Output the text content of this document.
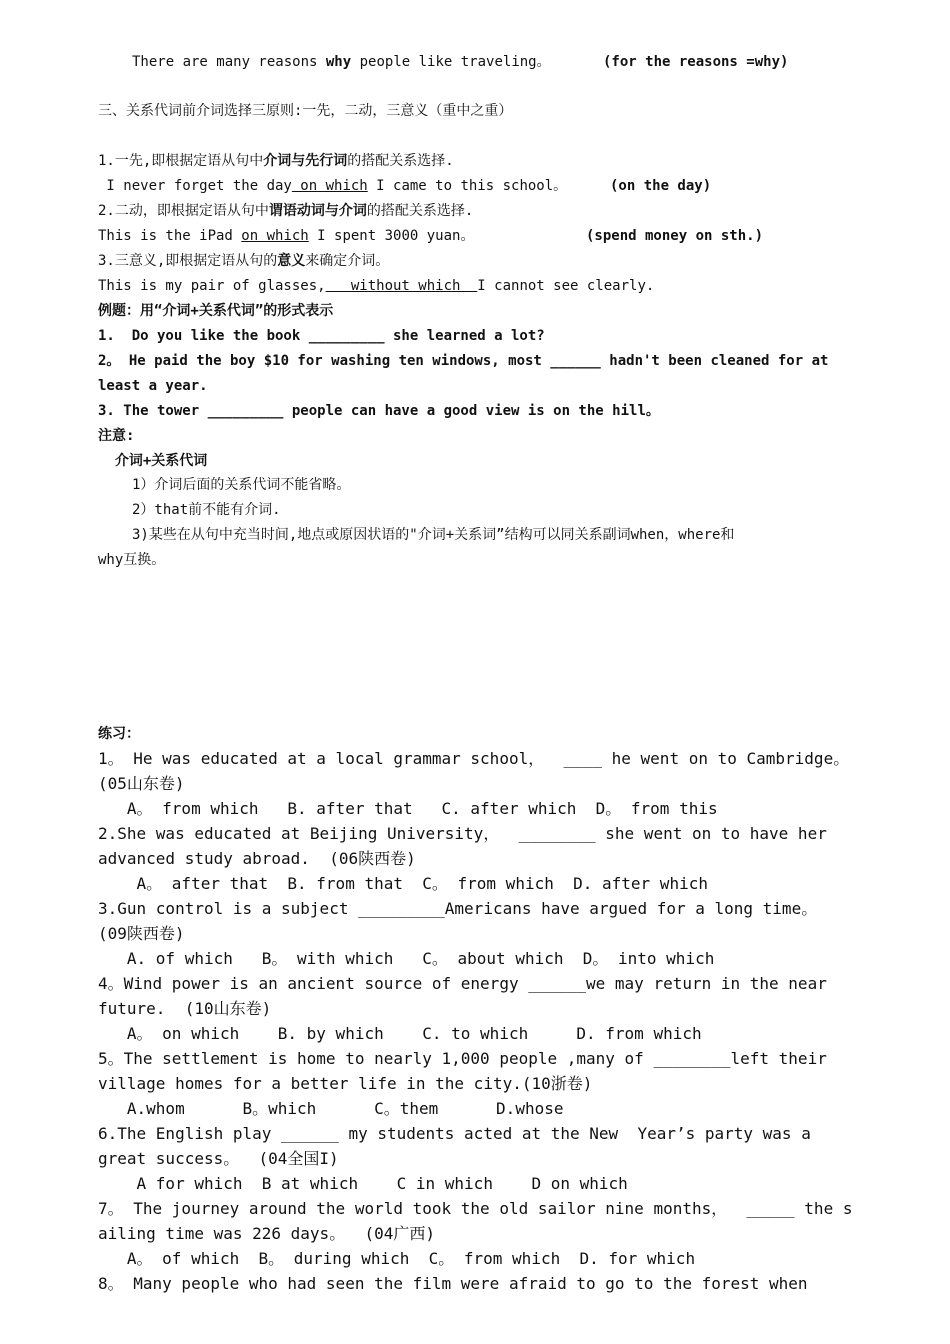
There are many reasons why people like traveling。	(for the reasons =why)
三、关系代词前介词选择三原则:一先，二动，三意义（重中之重）
1.一先,即根据定语从句中介词与先行词的搭配关系选择.
I never forget the day on which I came to this school。	(on the day)
2.二动，即根据定语从句中谓语动词与介词的搭配关系选择.
This is the iPad on which I spent 3000 yuan。	(spend money on sth.)
3.三意义,即根据定语从句的意义来确定介词。
This is my pair of glasses,   without which  I cannot see clearly.
例题：用“介词+关系代词”的形式表示
1.  Do you like the book _________ she learned a lot?
2。 He paid the boy $10 for washing ten windows, most ______ hadn't been cleaned for at
least a year.
3. The tower _________ people can have a good view is on the hill。
注意:
介词+关系代词
1）介词后面的关系代词不能省略。
2）that前不能有介词.
3)某些在从句中充当时间,地点或原因状语的"介词+关系词”结构可以同关系副词when，where和
why互换。
练习：
1。 He was educated at a local grammar school，  ____ he went on to Cambridge。
(05山东卷)
A。 from which   B. after that   C. after which  D。 from this
2.She was educated at Beijing University，  ________ she went on to have her
advanced study abroad.  (06陕西卷)
A。 after that  B. from that  C。 from which  D. after which
3.Gun control is a subject _________Americans have argued for a long time。
(09陕西卷)
A. of which   B。 with which   C。 about which  D。 into which
4。Wind power is an ancient source of energy ______we may return in the near
future.  (10山东卷)
A。 on which    B. by which    C. to which     D. from which
5。The settlement is home to nearly 1,000 people ,many of ________left their
village homes for a better life in the city.(10浙卷)
A.whom      B。which      C。them      D.whose
6.The English play ______ my students acted at the New  Year’s party was a
great success。  (04全国I)
A for which  B at which    C in which    D on which
7。 The journey around the world took the old sailor nine months，  _____ the s
ailing time was 226 days。  (04广西)
A。 of which  B。 during which  C。 from which  D. for which
8。 Many people who had seen the film were afraid to go to the forest when
